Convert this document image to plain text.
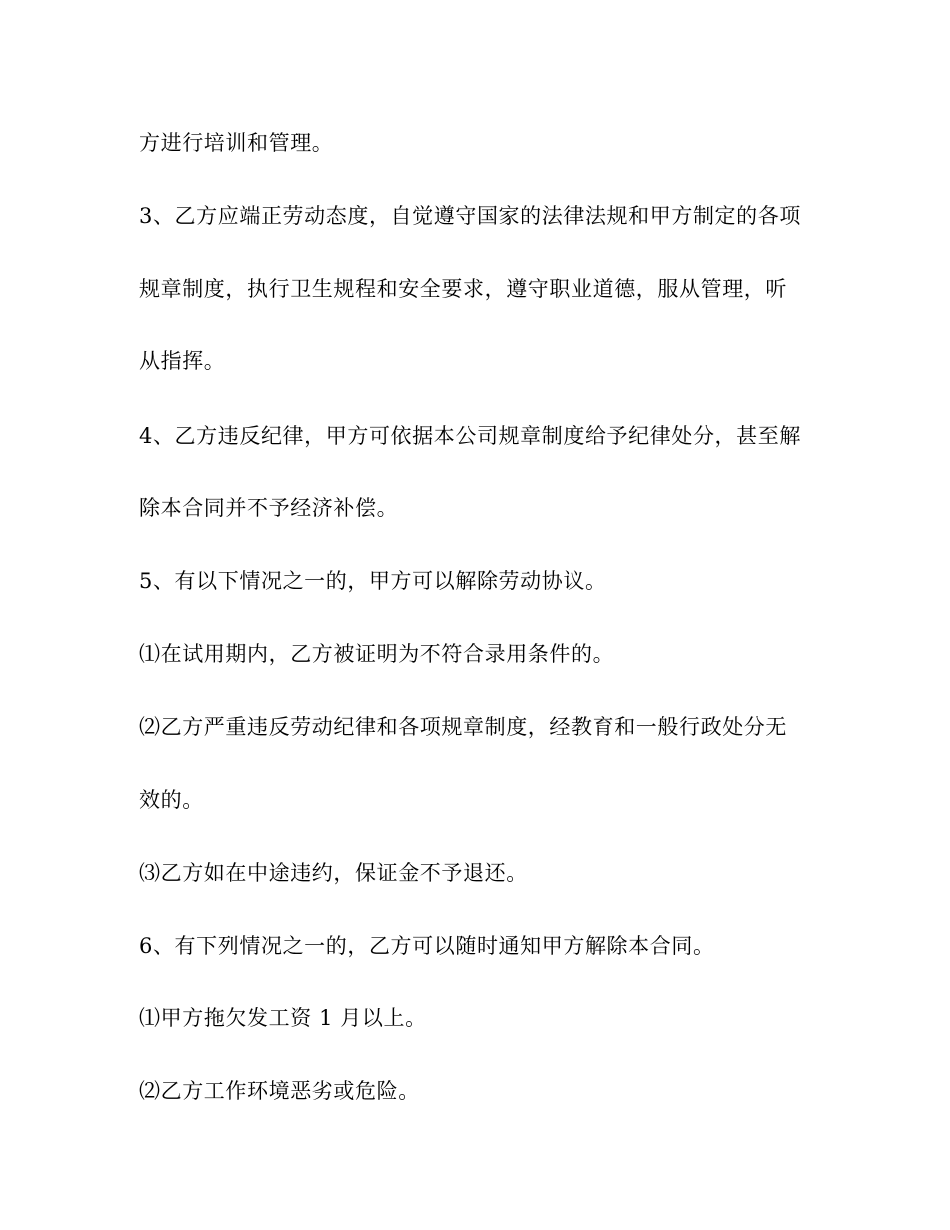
方进行培训和管理。
3、乙方应端正劳动态度，自觉遵守国家的法律法规和甲方制定的各项
规章制度，执行卫生规程和安全要求，遵守职业道德，服从管理，听
从指挥。
4、乙方违反纪律，甲方可依据本公司规章制度给予纪律处分，甚至解
除本合同并不予经济补偿。
5、有以下情况之一的，甲方可以解除劳动协议。
⑴在试用期内，乙方被证明为不符合录用条件的。
⑵乙方严重违反劳动纪律和各项规章制度，经教育和一般行政处分无
效的。
⑶乙方如在中途违约，保证金不予退还。
6、有下列情况之一的，乙方可以随时通知甲方解除本合同。
⑴甲方拖欠发工资 1 月以上。
⑵乙方工作环境恶劣或危险。
